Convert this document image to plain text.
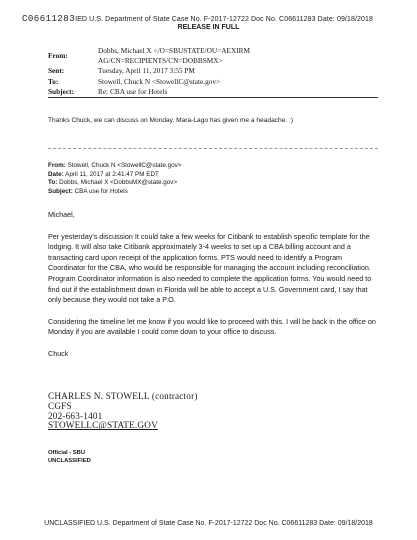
C06611283IED U.S. Department of State Case No. F-2017-12722 Doc No. C06611283 Date: 09/18/2018
RELEASE IN FULL
From:
Dobbs, Michael X </O=SBUSTATE/OU=AEXIRM
AG/CN=RECIPIENTS/CN=DOBBSMX>
Sent:	Tuesday, April 11, 2017 3:55 PM
To:	Stowell, Chuck N <StowellC@state.gov>
Subject:	Re: CBA use for Hotels
Thanks Chuck, we can discuss on Monday. Mara-Lago has given me a headache. :)
From: Stowell, Chuck N <StowellC@state.gov>
Date: April 11, 2017 at 2:41:47 PM EDT
To: Dobbs, Michael X <DobbsMX@state.gov>
Subject: CBA use for Hotels

Michael,

Per yesterday's discussion It could take a few weeks for Citibank to establish specific template for the lodging. It will also take Citibank approximately 3-4 weeks to set up a CBA billing account and a transacting card upon receipt of the application forms. PTS would need to identify a Program Coordinator for the CBA, who would be responsible for managing the account including reconciliation. Program Coordinator information is also needed to complete the application forms. You would need to find out if the establishment down in Florida will be able to accept a U.S. Government card, I say that only because they would not take a P.O.

Considering the timeline let me know if you would like to proceed with this. I will be back in the office on Monday if you are available I could come down to your office to discuss.

Chuck

CHARLES N. STOWELL (contractor)
CGFS
202-663-1401
STOWELLC@STATE.GOV
Official - SBU
UNCLASSIFIED
UNCLASSIFIED U.S. Department of State Case No. F-2017-12722 Doc No. C06611283 Date: 09/18/2018
